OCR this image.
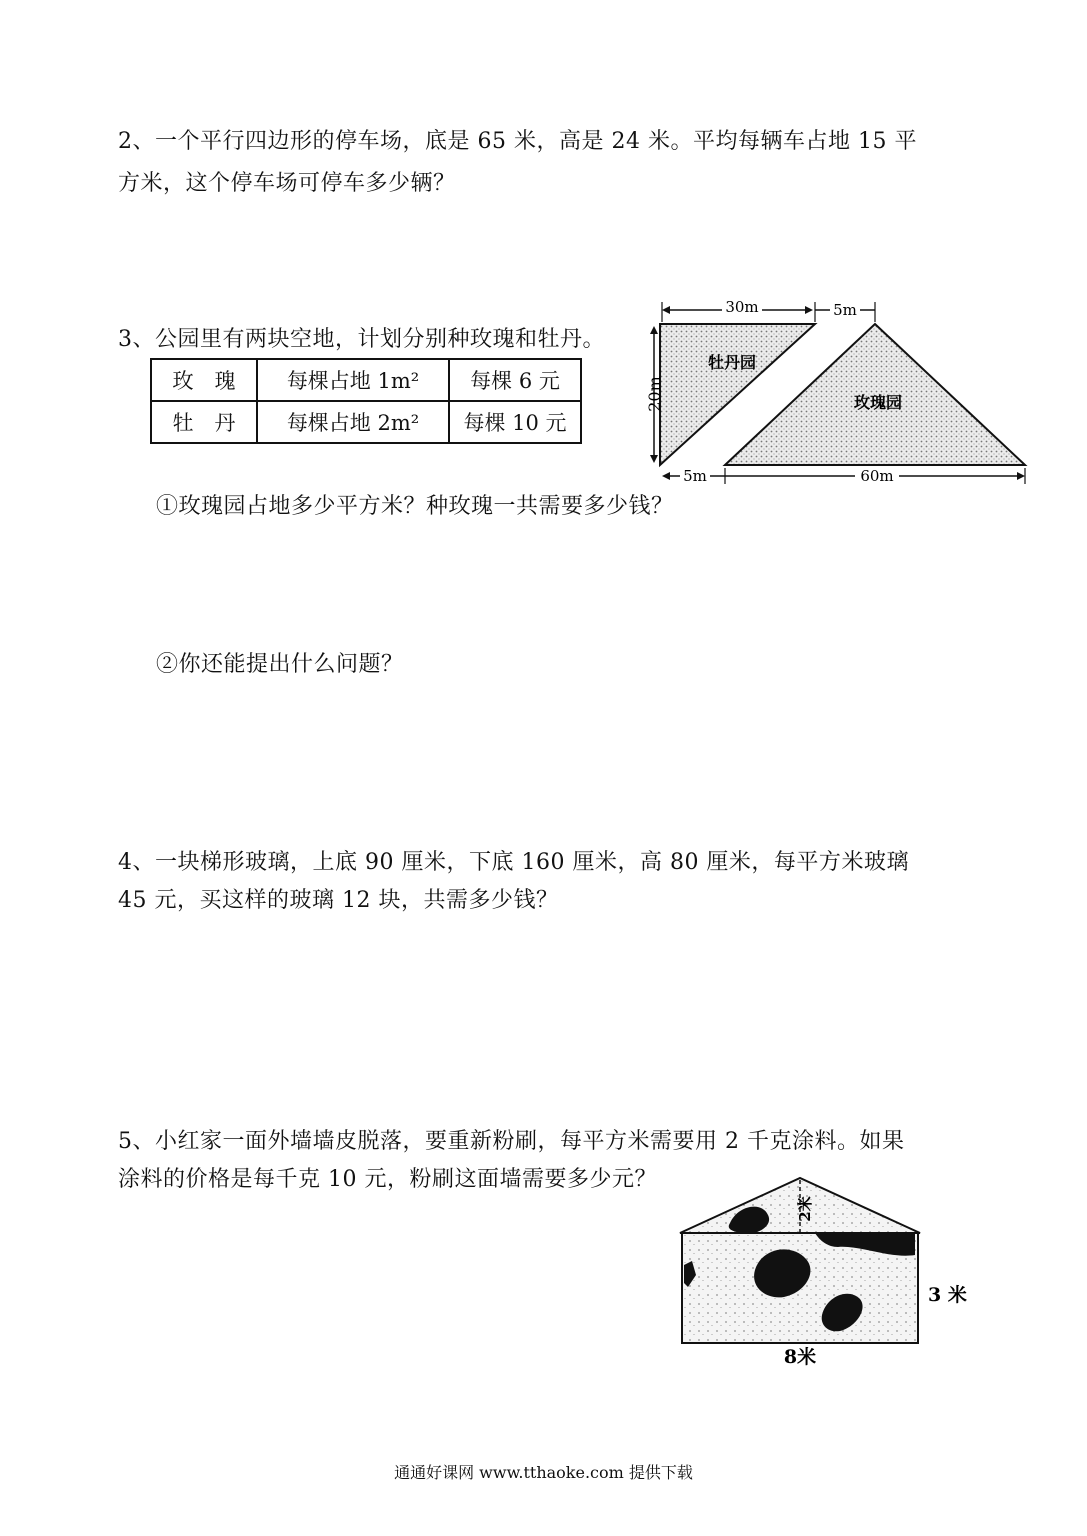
2、一个平行四边形的停车场，底是 65 米，高是 24 米。平均每辆车占地 15 平
方米，这个停车场可停车多少辆？
3、公园里有两块空地，计划分别种玫瑰和牡丹。
玫　瑰	每棵占地 1m²	每棵 6 元
牡　丹	每棵占地 2m²	每棵 10 元
30m	5m
20m
5m	60m
牡丹园
玫瑰园
①玫瑰园占地多少平方米？种玫瑰一共需要多少钱？
②你还能提出什么问题？
4、一块梯形玻璃，上底 90 厘米，下底 160 厘米，高 80 厘米，每平方米玻璃
45 元，买这样的玻璃 12 块，共需多少钱？
5、小红家一面外墙墙皮脱落，要重新粉刷，每平方米需要用 2 千克涂料。如果
涂料的价格是每千克 10 元，粉刷这面墙需要多少元？
2米
3 米
8米
通通好课网 www.tthaoke.com 提供下载
